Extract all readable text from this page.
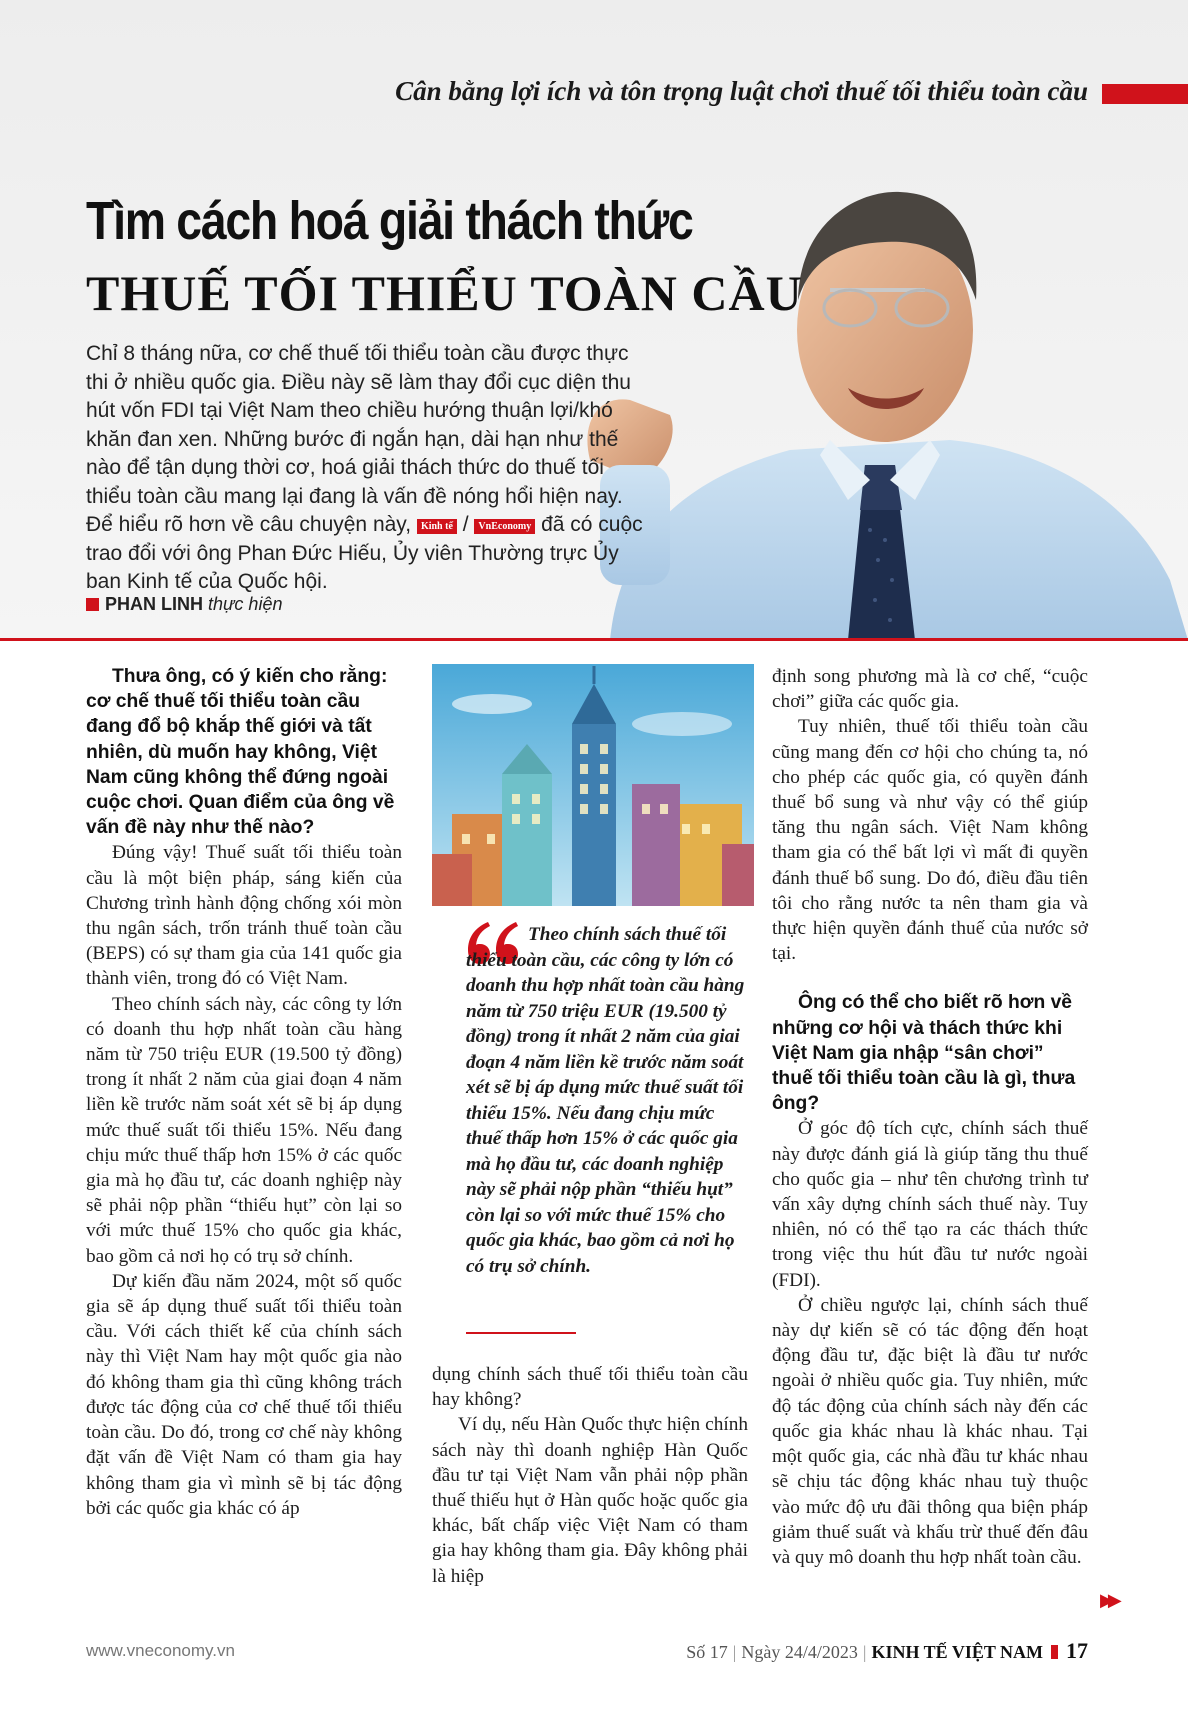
Cân bằng lợi ích và tôn trọng luật chơi thuế tối thiểu toàn cầu
Tìm cách hoá giải thách thức
THUẾ TỐI THIỂU TOÀN CẦU
Chỉ 8 tháng nữa, cơ chế thuế tối thiểu toàn cầu được thực thi ở nhiều quốc gia. Điều này sẽ làm thay đổi cục diện thu hút vốn FDI tại Việt Nam theo chiều hướng thuận lợi/khó khăn đan xen. Những bước đi ngắn hạn, dài hạn như thế nào để tận dụng thời cơ, hoá giải thách thức do thuế tối thiểu toàn cầu mang lại đang là vấn đề nóng hổi hiện nay. Để hiểu rõ hơn về câu chuyện này, Kinh tế / VnEconomy đã có cuộc trao đổi với ông Phan Đức Hiếu, Ủy viên Thường trực Ủy ban Kinh tế của Quốc hội.
PHAN LINH thực hiện

Thưa ông, có ý kiến cho rằng: cơ chế thuế tối thiểu toàn cầu đang đổ bộ khắp thế giới và tất nhiên, dù muốn hay không, Việt Nam cũng không thể đứng ngoài cuộc chơi. Quan điểm của ông về vấn đề này như thế nào?

Đúng vậy! Thuế suất tối thiểu toàn cầu là một biện pháp, sáng kiến của Chương trình hành động chống xói mòn thu ngân sách, trốn tránh thuế toàn cầu (BEPS) có sự tham gia của 141 quốc gia thành viên, trong đó có Việt Nam.

Theo chính sách này, các công ty lớn có doanh thu hợp nhất toàn cầu hàng năm từ 750 triệu EUR (19.500 tỷ đồng) trong ít nhất 2 năm của giai đoạn 4 năm liền kề trước năm soát xét sẽ bị áp dụng mức thuế suất tối thiểu 15%. Nếu đang chịu mức thuế thấp hơn 15% ở các quốc gia mà họ đầu tư, các doanh nghiệp này sẽ phải nộp phần “thiếu hụt” còn lại so với mức thuế 15% cho quốc gia khác, bao gồm cả nơi họ có trụ sở chính.

Dự kiến đầu năm 2024, một số quốc gia sẽ áp dụng thuế suất tối thiểu toàn cầu. Với cách thiết kế của chính sách này thì Việt Nam hay một quốc gia nào đó không tham gia thì cũng không trách được tác động của cơ chế thuế tối thiểu toàn cầu. Do đó, trong cơ chế này không đặt vấn đề Việt Nam có tham gia hay không tham gia vì mình sẽ bị tác động bởi các quốc gia khác có áp

Theo chính sách thuế tối thiểu toàn cầu, các công ty lớn có doanh thu hợp nhất toàn cầu hàng năm từ 750 triệu EUR (19.500 tỷ đồng) trong ít nhất 2 năm của giai đoạn 4 năm liền kề trước năm soát xét sẽ bị áp dụng mức thuế suất tối thiểu 15%. Nếu đang chịu mức thuế thấp hơn 15% ở các quốc gia mà họ đầu tư, các doanh nghiệp này sẽ phải nộp phần “thiếu hụt” còn lại so với mức thuế 15% cho quốc gia khác, bao gồm cả nơi họ có trụ sở chính.

dụng chính sách thuế tối thiểu toàn cầu hay không?

Ví dụ, nếu Hàn Quốc thực hiện chính sách này thì doanh nghiệp Hàn Quốc đầu tư tại Việt Nam vẫn phải nộp phần thuế thiếu hụt ở Hàn quốc hoặc quốc gia khác, bất chấp việc Việt Nam có tham gia hay không tham gia. Đây không phải là hiệp

định song phương mà là cơ chế, “cuộc chơi” giữa các quốc gia.

Tuy nhiên, thuế tối thiểu toàn cầu cũng mang đến cơ hội cho chúng ta, nó cho phép các quốc gia, có quyền đánh thuế bổ sung và như vậy có thể giúp tăng thu ngân sách. Việt Nam không tham gia có thể bất lợi vì mất đi quyền đánh thuế bổ sung. Do đó, điều đầu tiên tôi cho rằng nước ta nên tham gia và thực hiện quyền đánh thuế của nước sở tại.

Ông có thể cho biết rõ hơn về những cơ hội và thách thức khi Việt Nam gia nhập “sân chơi” thuế tối thiểu toàn cầu là gì, thưa ông?

Ở góc độ tích cực, chính sách thuế này được đánh giá là giúp tăng thu thuế cho quốc gia – như tên chương trình tư vấn xây dựng chính sách thuế này. Tuy nhiên, nó có thể tạo ra các thách thức trong việc thu hút đầu tư nước ngoài (FDI).

Ở chiều ngược lại, chính sách thuế này dự kiến sẽ có tác động đến hoạt động đầu tư, đặc biệt là đầu tư nước ngoài ở nhiều quốc gia. Tuy nhiên, mức độ tác động của chính sách này đến các quốc gia khác nhau là khác nhau. Tại một quốc gia, các nhà đầu tư khác nhau sẽ chịu tác động khác nhau tuỳ thuộc vào mức độ ưu đãi thông qua biện pháp giảm thuế suất và khấu trừ thuế đến đâu và quy mô doanh thu hợp nhất toàn cầu.

▶▶
www.vneconomy.vn	Số 17 | Ngày 24/4/2023 | KINH TẾ VIỆT NAM 17
